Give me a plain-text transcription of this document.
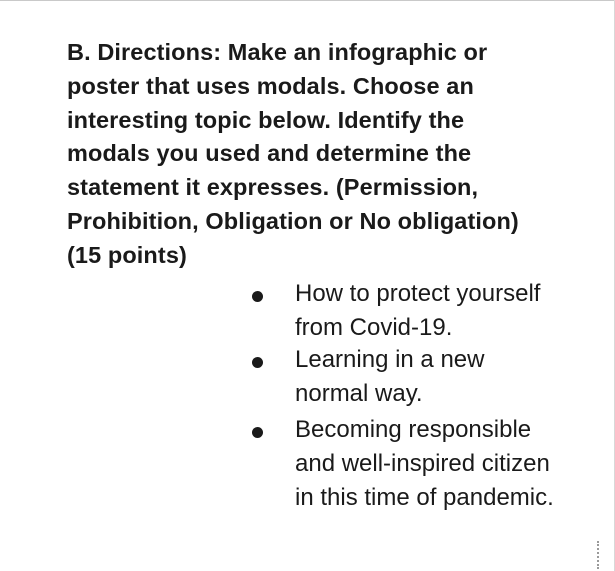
B. Directions: Make an infographic or
poster that uses modals. Choose an
interesting topic below. Identify the
modals you used and determine the
statement it expresses. (Permission,
Prohibition, Obligation or No obligation)
(15 points)
How to protect yourself
from Covid-19.
Learning in a new
normal way.
Becoming responsible
and well-inspired citizen
in this time of pandemic.
